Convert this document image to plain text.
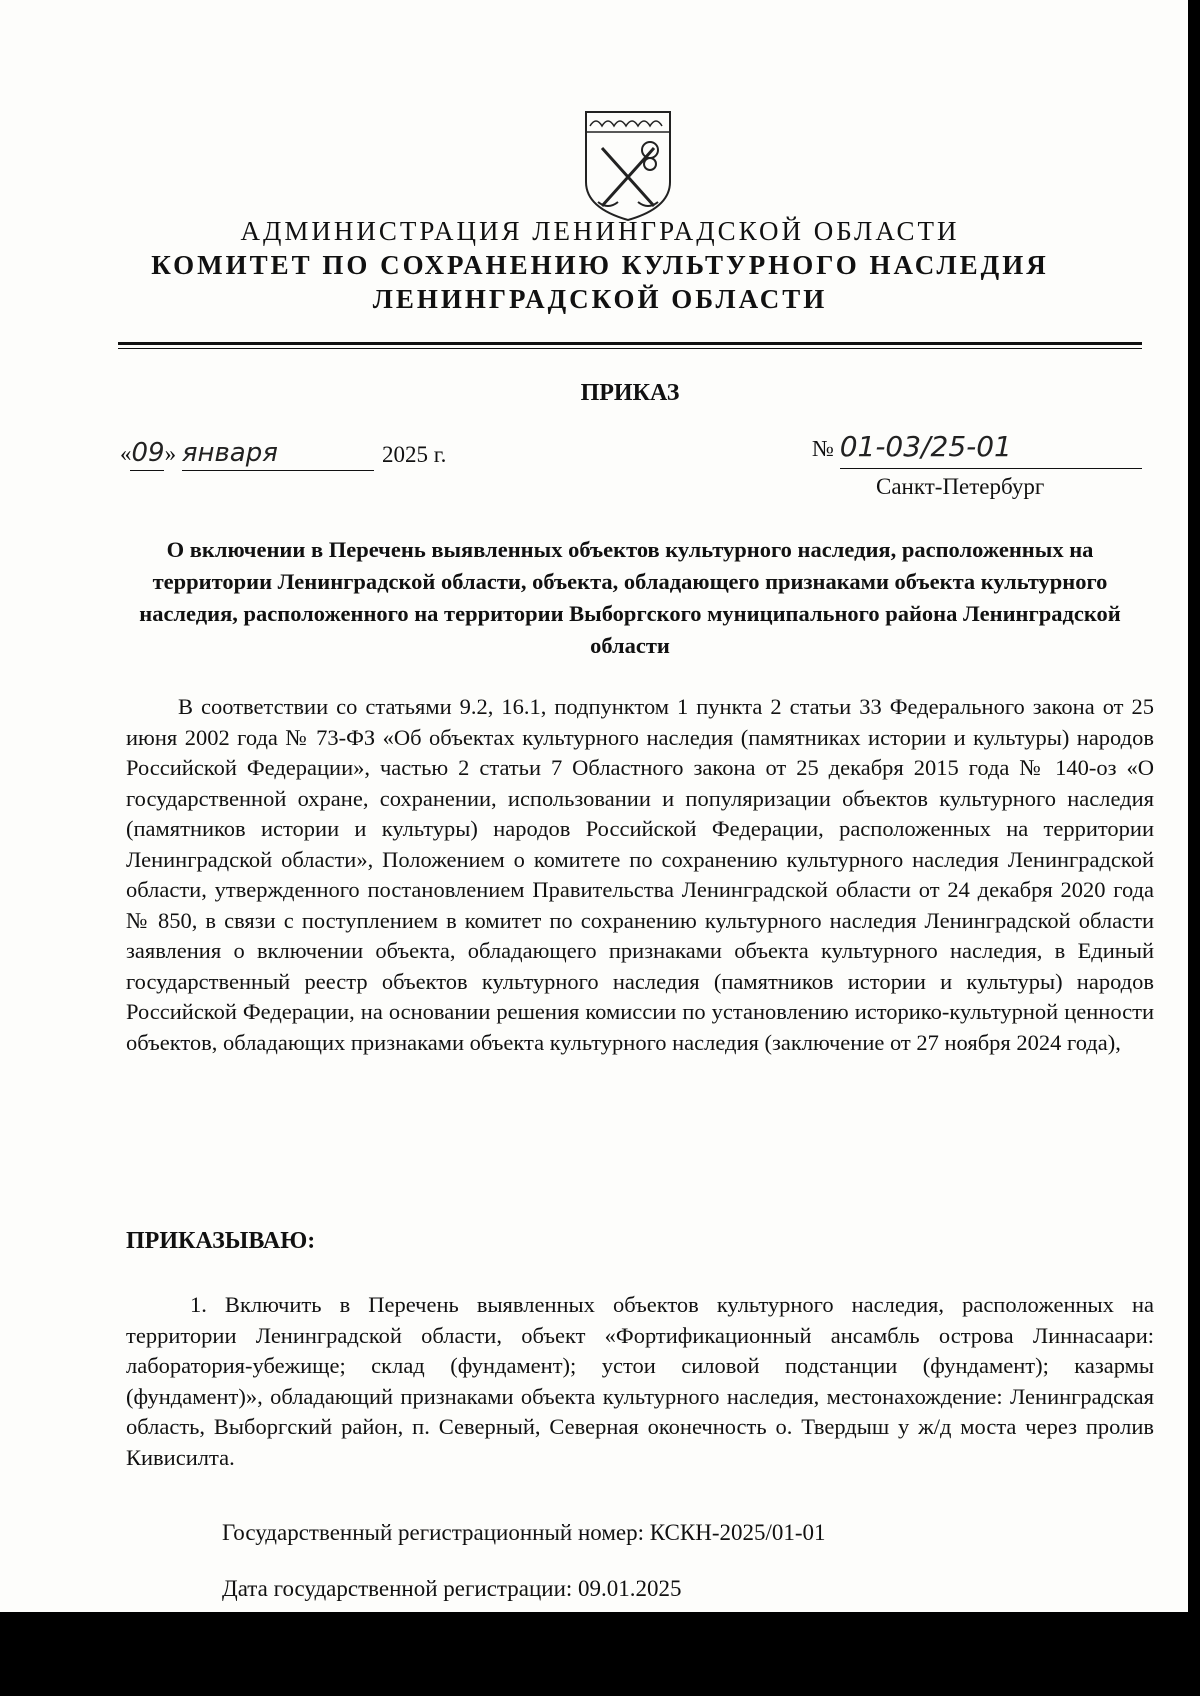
АДМИНИСТРАЦИЯ ЛЕНИНГРАДСКОЙ ОБЛАСТИ
КОМИТЕТ ПО СОХРАНЕНИЮ КУЛЬТУРНОГО НАСЛЕДИЯ
ЛЕНИНГРАДСКОЙ ОБЛАСТИ
ПРИКАЗ
«09» января	2025 г.	№ 01-03/25-01
Санкт-Петербург
О включении в Перечень выявленных объектов культурного наследия, расположенных на территории Ленинградской области, объекта, обладающего признаками объекта культурного наследия, расположенного на территории Выборгского муниципального района Ленинградской области
В соответствии со статьями 9.2, 16.1, подпунктом 1 пункта 2 статьи 33 Федерального закона от 25 июня 2002 года № 73-ФЗ «Об объектах культурного наследия (памятниках истории и культуры) народов Российской Федерации», частью 2 статьи 7 Областного закона от 25 декабря 2015 года № 140-оз «О государственной охране, сохранении, использовании и популяризации объектов культурного наследия (памятников истории и культуры) народов Российской Федерации, расположенных на территории Ленинградской области», Положением о комитете по сохранению культурного наследия Ленинградской области, утвержденного постановлением Правительства Ленинградской области от 24 декабря 2020 года № 850, в связи с поступлением в комитет по сохранению культурного наследия Ленинградской области заявления о включении объекта, обладающего признаками объекта культурного наследия, в Единый государственный реестр объектов культурного наследия (памятников истории и культуры) народов Российской Федерации, на основании решения комиссии по установлению историко-культурной ценности объектов, обладающих признаками объекта культурного наследия (заключение от 27 ноября 2024 года),
ПРИКАЗЫВАЮ:
1. Включить в Перечень выявленных объектов культурного наследия, расположенных на территории Ленинградской области, объект «Фортификационный ансамбль острова Линнасаари: лаборатория-убежище; склад (фундамент); устои силовой подстанции (фундамент); казармы (фундамент)», обладающий признаками объекта культурного наследия, местонахождение: Ленинградская область, Выборгский район, п. Северный, Северная оконечность о. Твердыш у ж/д моста через пролив Кивисилта.
Государственный регистрационный номер: КСКН-2025/01-01
Дата государственной регистрации: 09.01.2025
